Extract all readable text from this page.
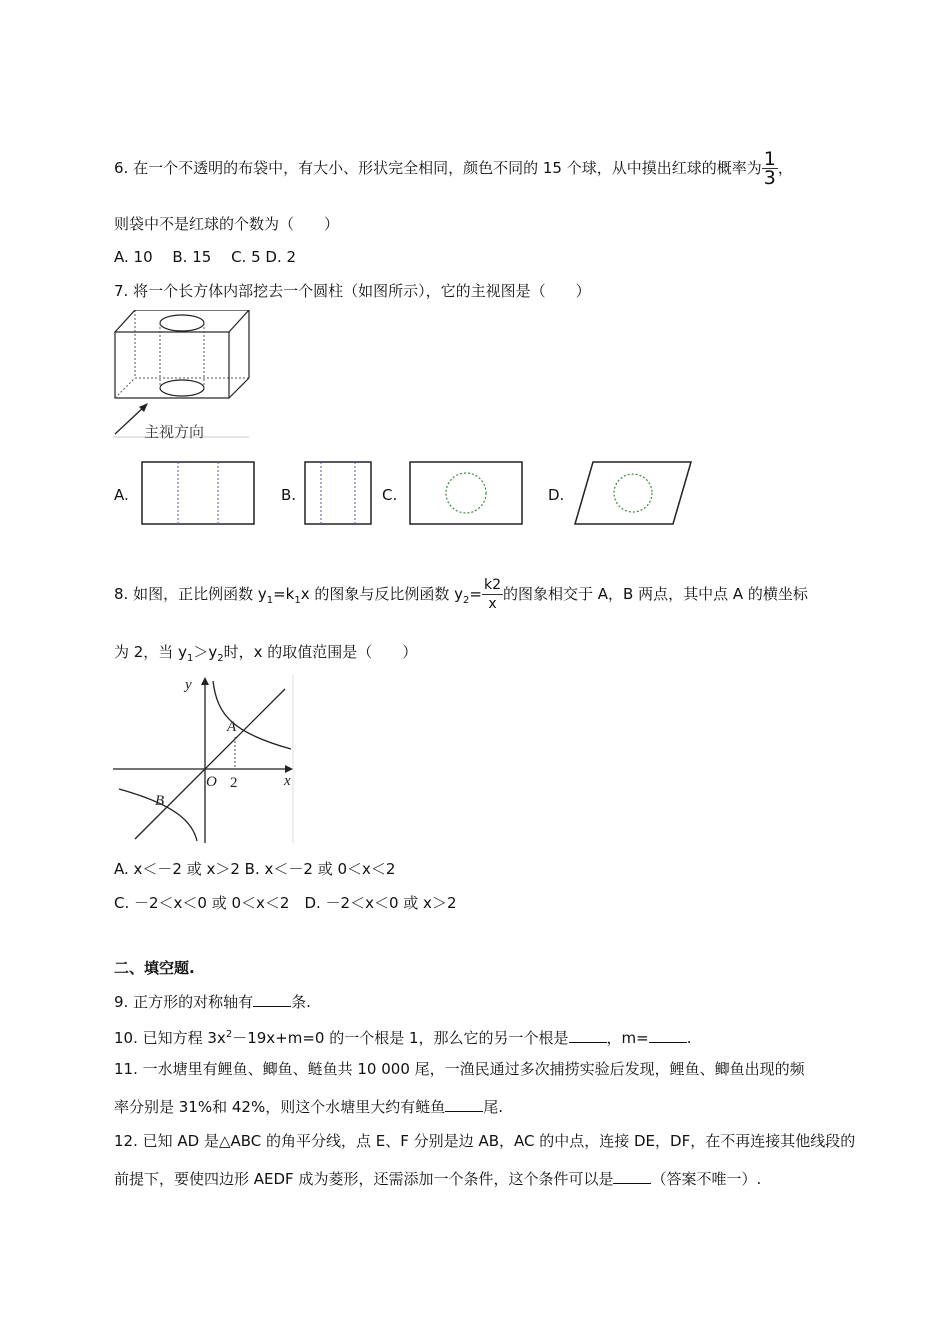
6. 在一个不透明的布袋中，有大小、形状完全相同，颜色不同的 15 个球，从中摸出红球的概率为 $\frac{1}{3}$ ，
则袋中不是红球的个数为（　　）
A. 10　 B. 15　 C. 5 D. 2
7. 将一个长方体内部挖去一个圆柱（如图所示），它的主视图是（　　）
主视方向
A.	B.	C.	D.
8. 如图，正比例函数 $y_1=k_1x$ 的图象与反比例函数 $y_2= \frac{k2}{x}$ 的图象相交于 A，B 两点，其中点 A 的横坐标
为 2，当 $y_1>y_2$时，x 的取值范围是（　　）
y
x
O 2
A
B
A. x＜－2 或 x＞2 B. x＜－2 或 0＜x＜2
C. －2＜x＜0 或 0＜x＜2　D. －2＜x＜0 或 x＞2
二、填空题.
9. 正方形的对称轴有	条.
10. 已知方程 $3x^2-19x+m=0$ 的一个根是 1，那么它的另一个根是	，m=	.
11. 一水塘里有鲤鱼、鲫鱼、鲢鱼共 10 000 尾，一渔民通过多次捕捞实验后发现，鲤鱼、鲫鱼出现的频
率分别是 31%和 42%，则这个水塘里大约有鲢鱼	尾.
12. 已知 AD 是△ABC 的角平分线，点 E、F 分别是边 AB，AC 的中点，连接 DE，DF，在不再连接其他线段的
前提下，要使四边形 AEDF 成为菱形，还需添加一个条件，这个条件可以是	（答案不唯一）.
